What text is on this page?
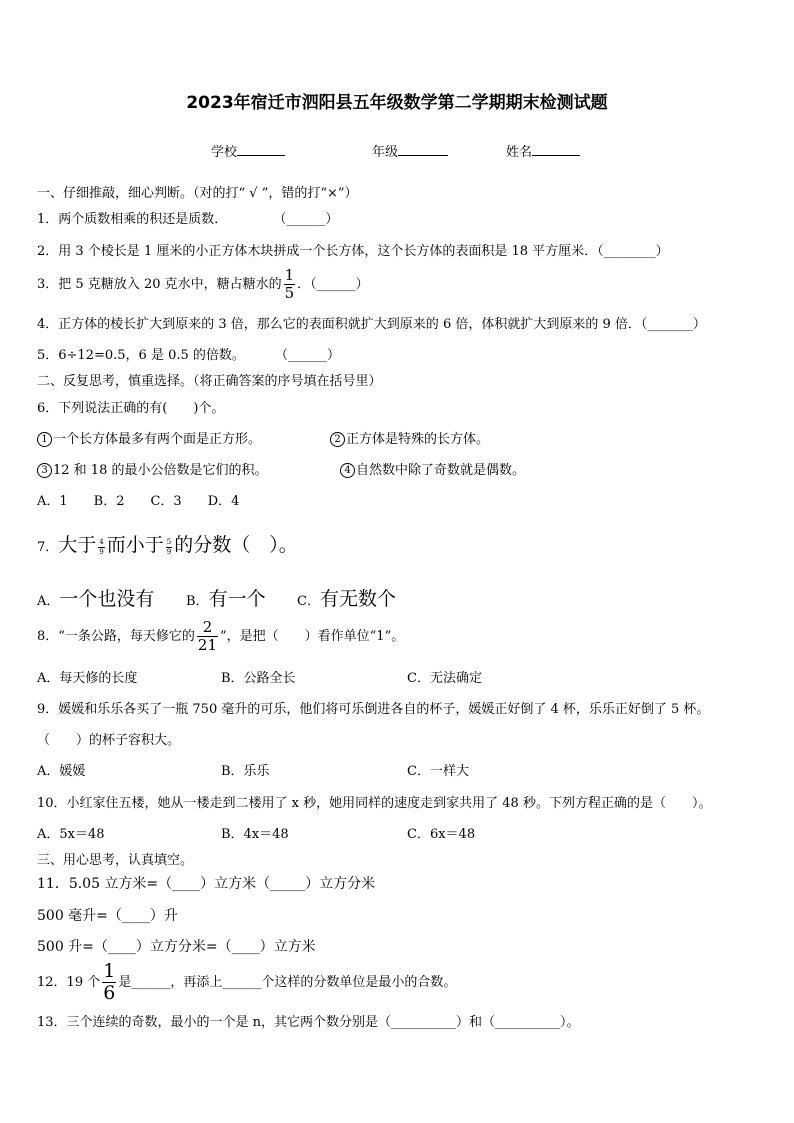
2023年宿迁市泗阳县五年级数学第二学期期末检测试题
学校	年级	姓名
一、仔细推敲，细心判断。（对的打“ √ ”，错的打“×”）
1．两个质数相乘的积还是质数．	（______）
2．用 3 个棱长是 1 厘米的小正方体木块拼成一个长方体，这个长方体的表面积是 18 平方厘米．（________）
3．把 5 克糖放入 20 克水中，糖占糖水的 $\frac{1}{5}$ ．（______）
4．正方体的棱长扩大到原来的 3 倍，那么它的表面积就扩大到原来的 6 倍，体积就扩大到原来的 9 倍．（_______）
5．6÷12=0.5，6 是 0.5 的倍数。 （______）
二、反复思考，慎重选择。（将正确答案的序号填在括号里）
6．下列说法正确的有(　　)个。
1 一个长方体最多有两个面是正方形。	2 正方体是特殊的长方体。
3 12 和 18 的最小公倍数是它们的积。	4 自然数中除了奇数就是偶数。
A．1　　B．2　　C．3　　D．4
7．大于 $\frac{4}{9}$ 而小于 $\frac{5}{9}$ 的分数（　）。
A．一个也没有 B．有一个 C．有无数个
8．“一条公路，每天修它的 $\frac{2}{21}$ ”，是把（　　）看作单位“1”。
A．每天修的长度	B．公路全长	C．无法确定
9．媛媛和乐乐各买了一瓶 750 毫升的可乐，他们将可乐倒进各自的杯子，媛媛正好倒了 4 杯，乐乐正好倒了 5 杯。
（　　）的杯子容积大。
A．媛媛	B．乐乐	C．一样大
10．小红家住五楼，她从一楼走到二楼用了 x 秒，她用同样的速度走到家共用了 48 秒。下列方程正确的是（　　）。
A．5x＝48	B．4x＝48	C．6x＝48
三、用心思考，认真填空。
11．5.05 立方米=（____）立方米（_____）立方分米
500 毫升=（____）升
500 升=（____）立方分米=（____）立方米
12．19 个 $\frac{1}{6}$ 是______，再添上______个这样的分数单位是最小的合数。
13．三个连续的奇数，最小的一个是 n，其它两个数分别是（__________）和（__________）。
